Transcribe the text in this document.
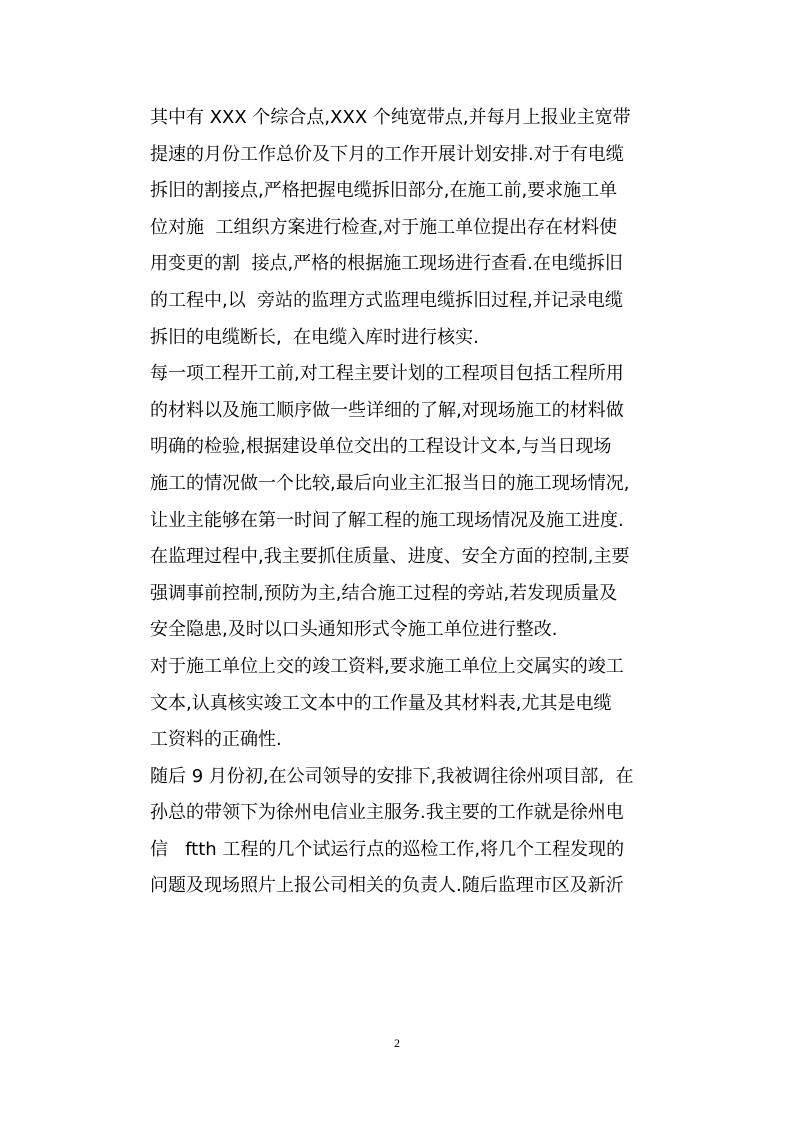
其中有 XXX 个综合点,XXX 个纯宽带点,并每月上报业主宽带
提速的月份工作总价及下月的工作开展计划安排.对于有电缆
拆旧的割接点,严格把握电缆拆旧部分,在施工前,要求施工单
位对施  工组织方案进行检查,对于施工单位提出存在材料使
用变更的割  接点,严格的根据施工现场进行查看.在电缆拆旧
的工程中,以  旁站的监理方式监理电缆拆旧过程,并记录电缆
拆旧的电缆断长,  在电缆入库时进行核实.
每一项工程开工前,对工程主要计划的工程项目包括工程所用
的材料以及施工顺序做一些详细的了解,对现场施工的材料做
明确的检验,根据建设单位交出的工程设计文本,与当日现场
施工的情况做一个比较,最后向业主汇报当日的施工现场情况,
让业主能够在第一时间了解工程的施工现场情况及施工进度.
在监理过程中,我主要抓住质量、进度、安全方面的控制,主要
强调事前控制,预防为主,结合施工过程的旁站,若发现质量及
安全隐患,及时以口头通知形式令施工单位进行整改.
对于施工单位上交的竣工资料,要求施工单位上交属实的竣工
文本,认真核实竣工文本中的工作量及其材料表,尤其是电缆
工资料的正确性.
随后 9 月份初,在公司领导的安排下,我被调往徐州项目部,  在
孙总的带领下为徐州电信业主服务.我主要的工作就是徐州电
信   ftth 工程的几个试运行点的巡检工作,将几个工程发现的
问题及现场照片上报公司相关的负责人.随后监理市区及新沂
2
